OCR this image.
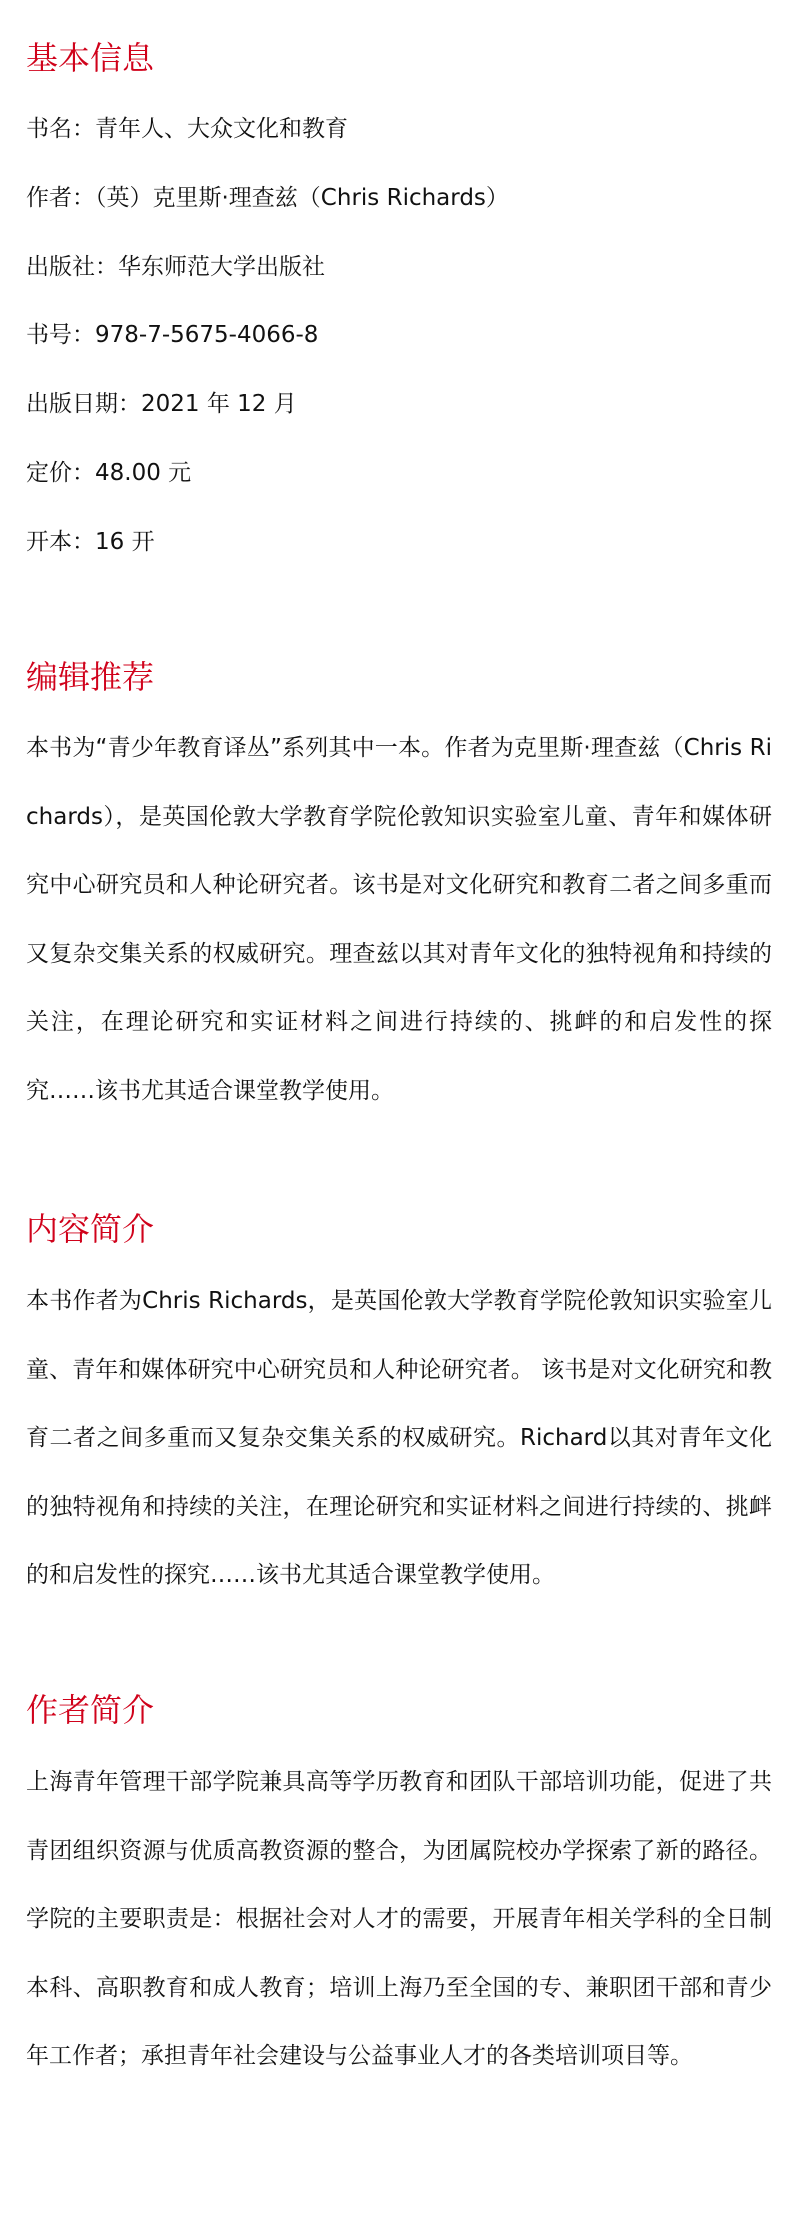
基本信息

书名：青年人、大众文化和教育

作者：（英）克里斯·理查兹（Chris Richards）

出版社：华东师范大学出版社

书号：978-7-5675-4066-8

出版日期：2021 年 12 月

定价：48.00 元

开本：16 开

编辑推荐

本书为“青少年教育译丛”系列其中一本。作者为克里斯·理查兹（Chris Richards），是英国伦敦大学教育学院伦敦知识实验室儿童、青年和媒体研究中心研究员和人种论研究者。该书是对文化研究和教育二者之间多重而又复杂交集关系的权威研究。理查兹以其对青年文化的独特视角和持续的关注，在理论研究和实证材料之间进行持续的、挑衅的和启发性的探究……该书尤其适合课堂教学使用。

内容简介

本书作者为Chris Richards，是英国伦敦大学教育学院伦敦知识实验室儿童、青年和媒体研究中心研究员和人种论研究者。 该书是对文化研究和教育二者之间多重而又复杂交集关系的权威研究。Richard以其对青年文化的独特视角和持续的关注，在理论研究和实证材料之间进行持续的、挑衅的和启发性的探究……该书尤其适合课堂教学使用。

作者简介

上海青年管理干部学院兼具高等学历教育和团队干部培训功能，促进了共青团组织资源与优质高教资源的整合，为团属院校办学探索了新的路径。 学院的主要职责是：根据社会对人才的需要，开展青年相关学科的全日制本科、高职教育和成人教育；培训上海乃至全国的专、兼职团干部和青少年工作者；承担青年社会建设与公益事业人才的各类培训项目等。
